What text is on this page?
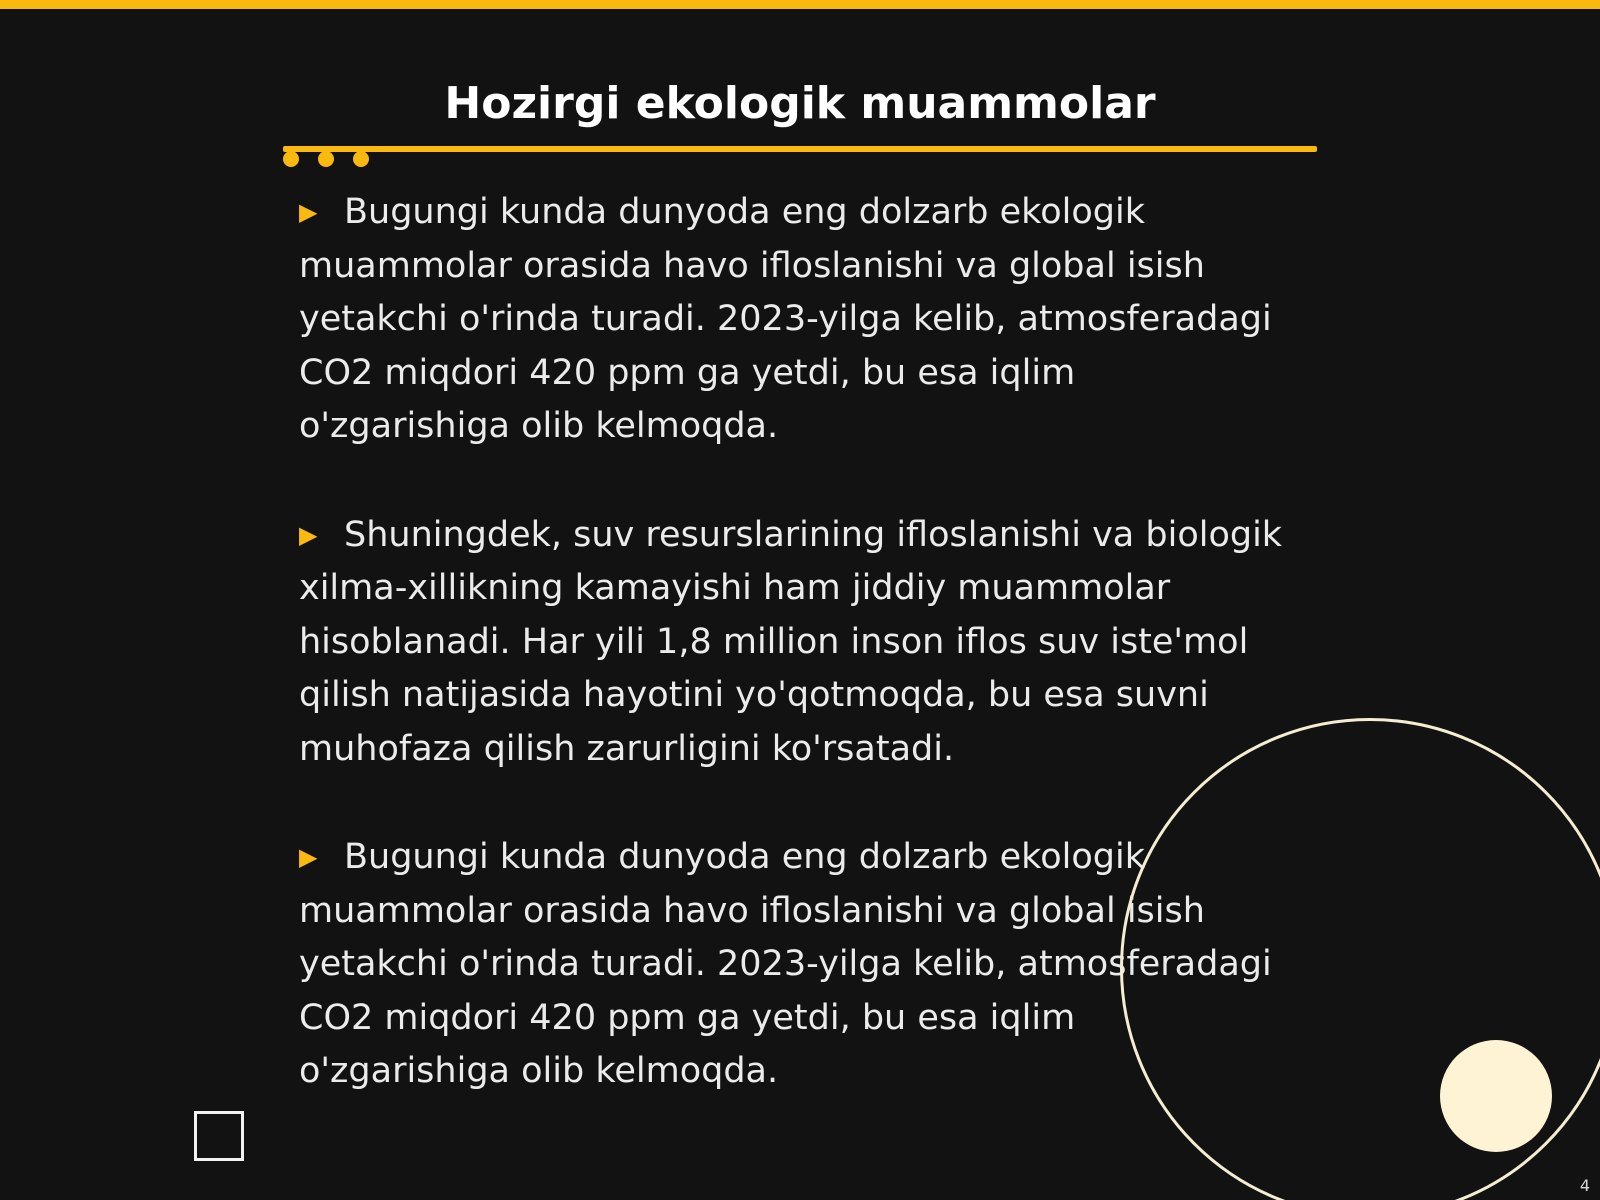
Hozirgi ekologik muammolar
▶ Bugungi kunda dunyoda eng dolzarb ekologik
muammolar orasida havo ifloslanishi va global isish
yetakchi o'rinda turadi. 2023-yilga kelib, atmosferadagi
CO2 miqdori 420 ppm ga yetdi, bu esa iqlim
o'zgarishiga olib kelmoqda.
▶ Shuningdek, suv resurslarining ifloslanishi va biologik
xilma-xillikning kamayishi ham jiddiy muammolar
hisoblanadi. Har yili 1,8 million inson iflos suv iste'mol
qilish natijasida hayotini yo'qotmoqda, bu esa suvni
muhofaza qilish zarurligini ko'rsatadi.
▶ Bugungi kunda dunyoda eng dolzarb ekologik
muammolar orasida havo ifloslanishi va global isish
yetakchi o'rinda turadi. 2023-yilga kelib, atmosferadagi
CO2 miqdori 420 ppm ga yetdi, bu esa iqlim
o'zgarishiga olib kelmoqda.
4
